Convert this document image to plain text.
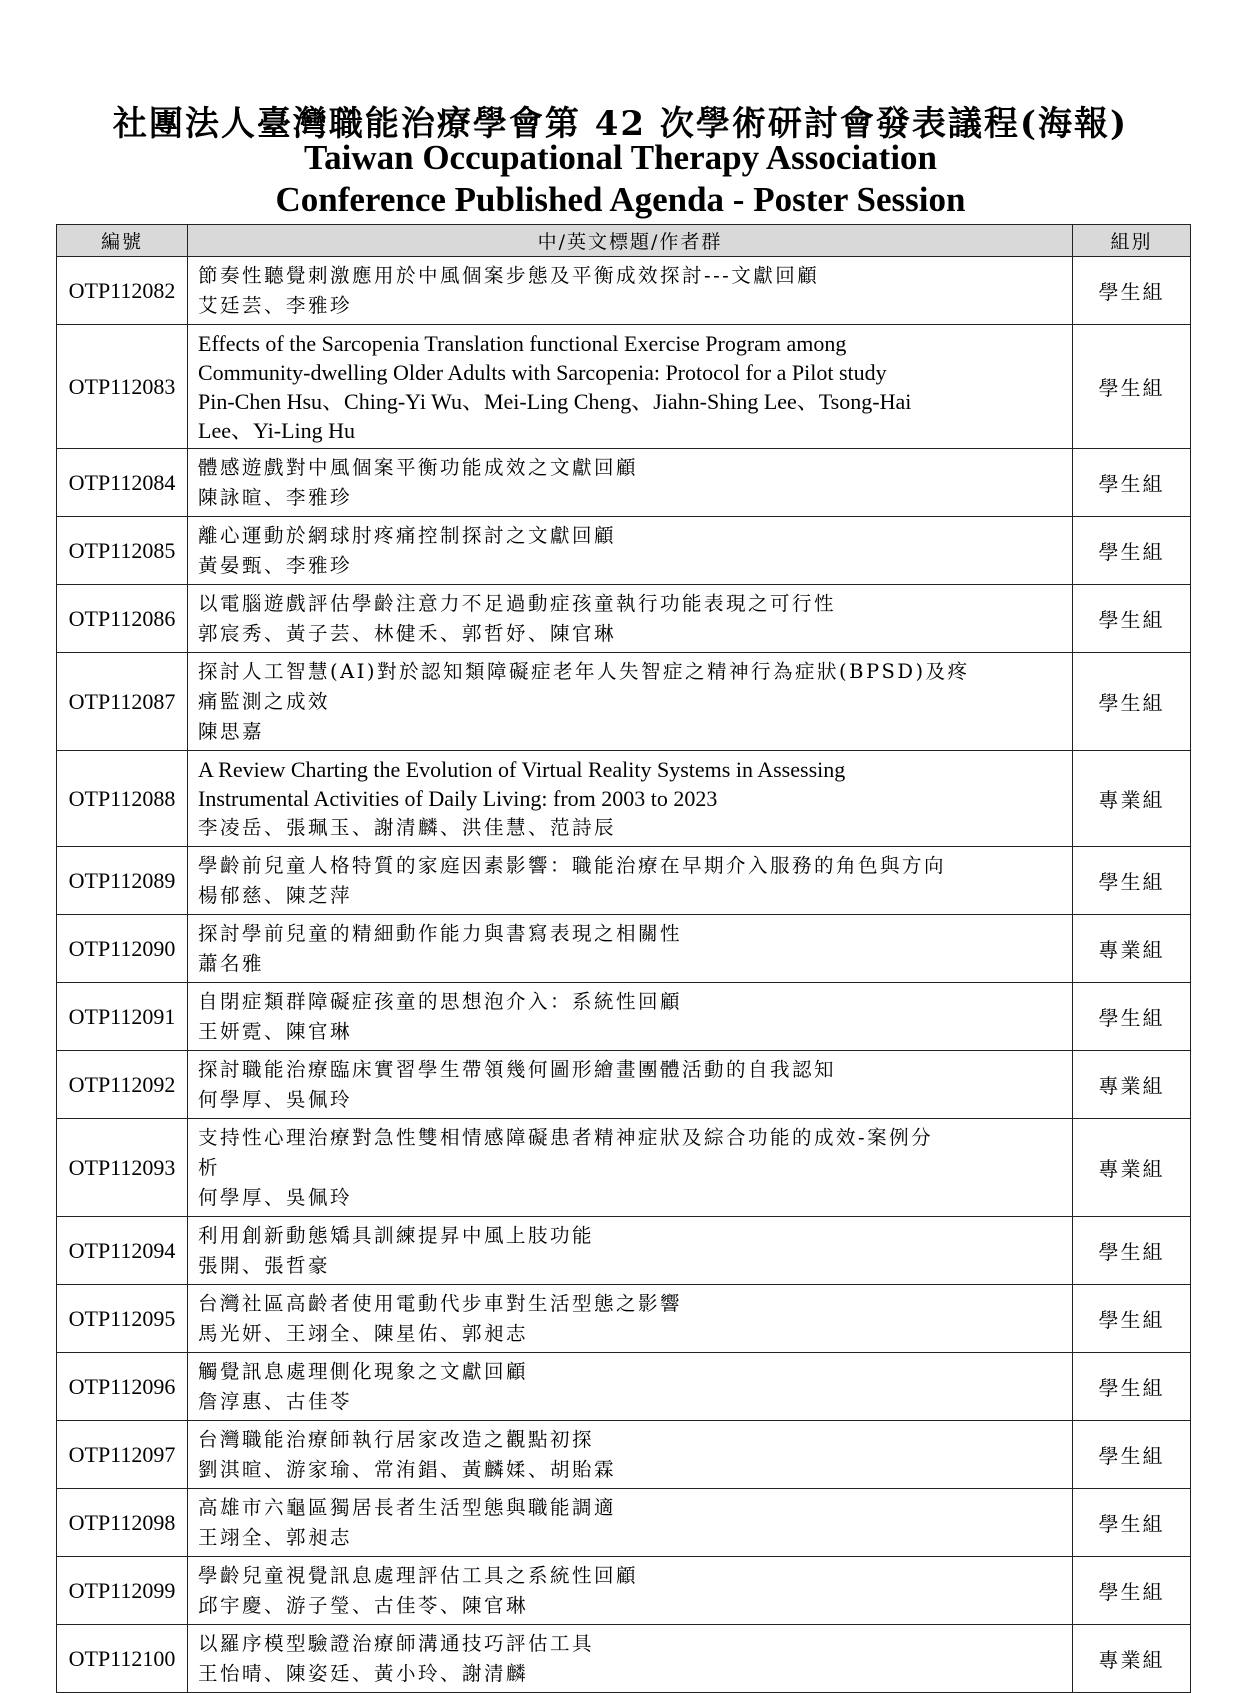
社團法人臺灣職能治療學會第 42 次學術研討會發表議程(海報)
Taiwan Occupational Therapy Association
Conference Published Agenda - Poster Session
編號	中/英文標題/作者群	組別
OTP112082	節奏性聽覺刺激應用於中風個案步態及平衡成效探討---文獻回顧
艾廷芸、李雅珍	學生組
OTP112083	Effects of the Sarcopenia Translation functional Exercise Program among
Community-dwelling Older Adults with Sarcopenia: Protocol for a Pilot study
Pin-Chen Hsu、Ching-Yi Wu、Mei-Ling Cheng、Jiahn-Shing Lee、Tsong-Hai
Lee、Yi-Ling Hu	學生組
OTP112084	體感遊戲對中風個案平衡功能成效之文獻回顧
陳詠暄、李雅珍	學生組
OTP112085	離心運動於網球肘疼痛控制探討之文獻回顧
黃晏甄、李雅珍	學生組
OTP112086	以電腦遊戲評估學齡注意力不足過動症孩童執行功能表現之可行性
郭宸秀、黃子芸、林健禾、郭哲妤、陳官琳	學生組
OTP112087	探討人工智慧(AI)對於認知類障礙症老年人失智症之精神行為症狀(BPSD)及疼
痛監測之成效
陳思嘉	學生組
OTP112088	A Review Charting the Evolution of Virtual Reality Systems in Assessing
Instrumental Activities of Daily Living: from 2003 to 2023
李凌岳、張珮玉、謝清麟、洪佳慧、范詩辰	專業組
OTP112089	學齡前兒童人格特質的家庭因素影響：職能治療在早期介入服務的角色與方向
楊郁慈、陳芝萍	學生組
OTP112090	探討學前兒童的精細動作能力與書寫表現之相關性
蕭名雅	專業組
OTP112091	自閉症類群障礙症孩童的思想泡介入：系統性回顧
王妍霓、陳官琳	學生組
OTP112092	探討職能治療臨床實習學生帶領幾何圖形繪畫團體活動的自我認知
何學厚、吳佩玲	專業組
OTP112093	支持性心理治療對急性雙相情感障礙患者精神症狀及綜合功能的成效-案例分
析
何學厚、吳佩玲	專業組
OTP112094	利用創新動態矯具訓練提昇中風上肢功能
張開、張哲豪	學生組
OTP112095	台灣社區高齡者使用電動代步車對生活型態之影響
馬光妍、王翊全、陳星佑、郭昶志	學生組
OTP112096	觸覺訊息處理側化現象之文獻回顧
詹淳惠、古佳苓	學生組
OTP112097	台灣職能治療師執行居家改造之觀點初探
劉淇暄、游家瑜、常洧錩、黃麟媃、胡貽霖	學生組
OTP112098	高雄市六龜區獨居長者生活型態與職能調適
王翊全、郭昶志	學生組
OTP112099	學齡兒童視覺訊息處理評估工具之系統性回顧
邱宇慶、游子瑩、古佳苓、陳官琳	學生組
OTP112100	以羅序模型驗證治療師溝通技巧評估工具
王怡晴、陳姿廷、黃小玲、謝清麟	專業組
